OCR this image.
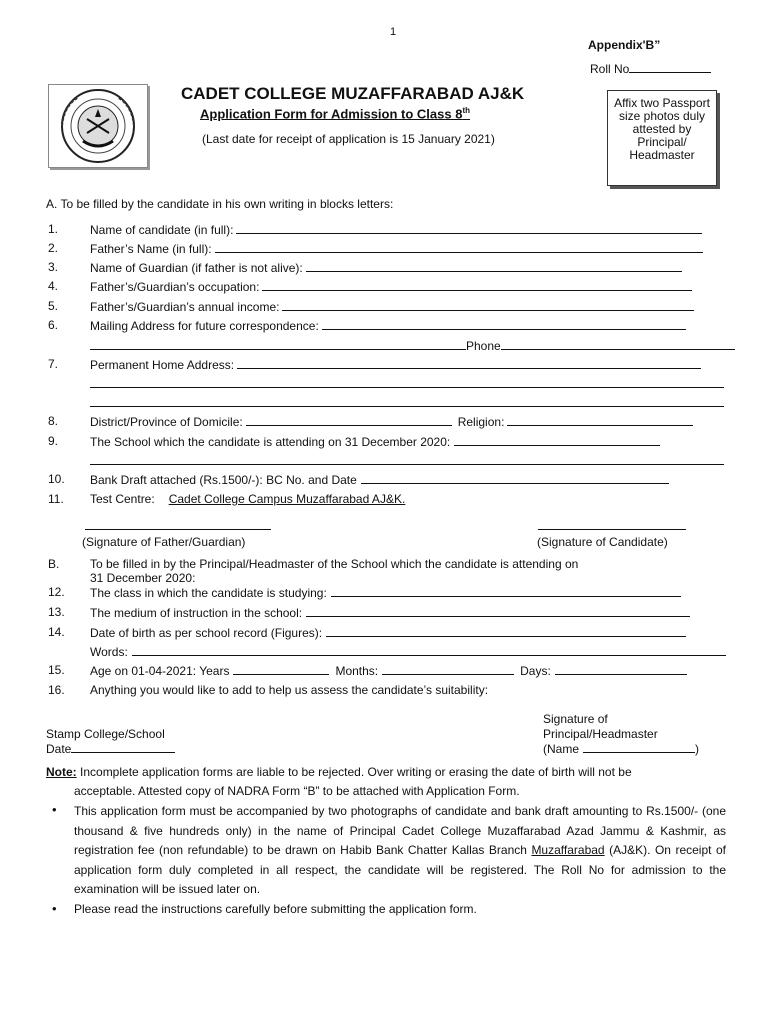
1
Appendix'B”
Roll No
CADET COLLEGE MUZAFFARABAD AJ&K
Application Form for Admission to Class 8th
(Last date for receipt of application is 15 January 2021)
Affix two Passport size photos duly attested by Principal/ Headmaster
A. To be filled by the candidate in his own writing in blocks letters:
1.	Name of candidate (in full):
2.	Father’s Name (in full):
3.	Name of Guardian (if father is not alive):
4.	Father’s/Guardian’s occupation:
5.	Father’s/Guardian’s annual income:
6.	Mailing Address for future correspondence:
Phone
7.	Permanent Home Address:
8.	District/Province of Domicile:	Religion:
9.	The School which the candidate is attending on 31 December 2020:
10. Bank Draft attached (Rs.1500/-): BC No. and Date
11. Test Centre: Cadet College Campus Muzaffarabad AJ&K.
(Signature of Father/Guardian)	(Signature of Candidate)
B.	To be filled in by the Principal/Headmaster of the School which the candidate is attending on
31 December 2020:
12. The class in which the candidate is studying:
13. The medium of instruction in the school:
14. Date of birth as per school record (Figures):
Words:
15. Age on 01-04-2021: Years	Months:	Days:
16. Anything you would like to add to help us assess the candidate’s suitability:
Signature of
Stamp College/School	Principal/Headmaster
Date	(Name	)
Note: Incomplete application forms are liable to be rejected. Over writing or erasing the date of birth will not be
acceptable. Attested copy of NADRA Form “B” to be attached with Application Form.
• This application form must be accompanied by two photographs of candidate and bank draft amounting to Rs.1500/- (one thousand & five hundreds only) in the name of Principal Cadet College Muzaffarabad Azad Jammu & Kashmir, as registration fee (non refundable) to be drawn on Habib Bank Chatter Kallas Branch Muzaffarabad (AJ&K). On receipt of application form duly completed in all respect, the candidate will be registered. The Roll No for admission to the examination will be issued later on.
• Please read the instructions carefully before submitting the application form.
